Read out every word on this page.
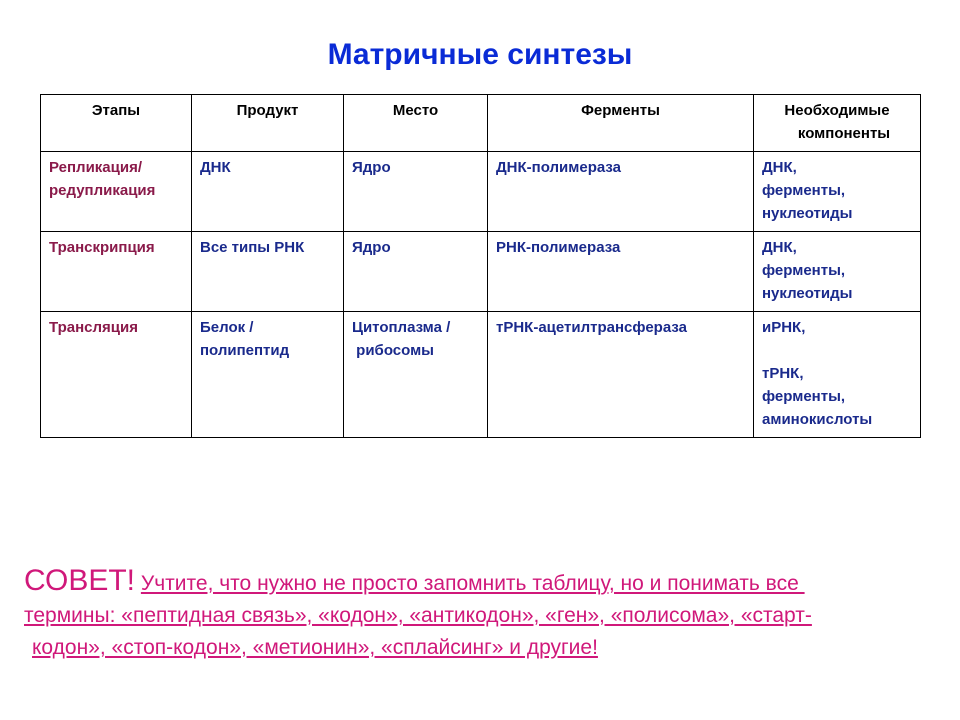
Матричные синтезы
Этапы	Продукт	Место	Ферменты	Необходимые
компоненты

Репликация/
редупликация	ДНК	Ядро	ДНК-полимераза	ДНК,
ферменты,
нуклеотиды

Транскрипция	Все типы РНК	Ядро	РНК-полимераза	ДНК,
ферменты,
нуклеотиды

Трансляция	Белок /
полипептид	Цитоплазма /
рибосомы	тРНК-ацетилтрансфераза	иРНК,
тРНК,
ферменты,
аминокислоты
СОВЕТ! Учтите, что нужно не просто запомнить таблицу, но и понимать все
термины: «пептидная связь», «кодон», «антикодон», «ген», «полисома», «старт-
кодон», «стоп-кодон», «метионин», «сплайсинг» и другие!
